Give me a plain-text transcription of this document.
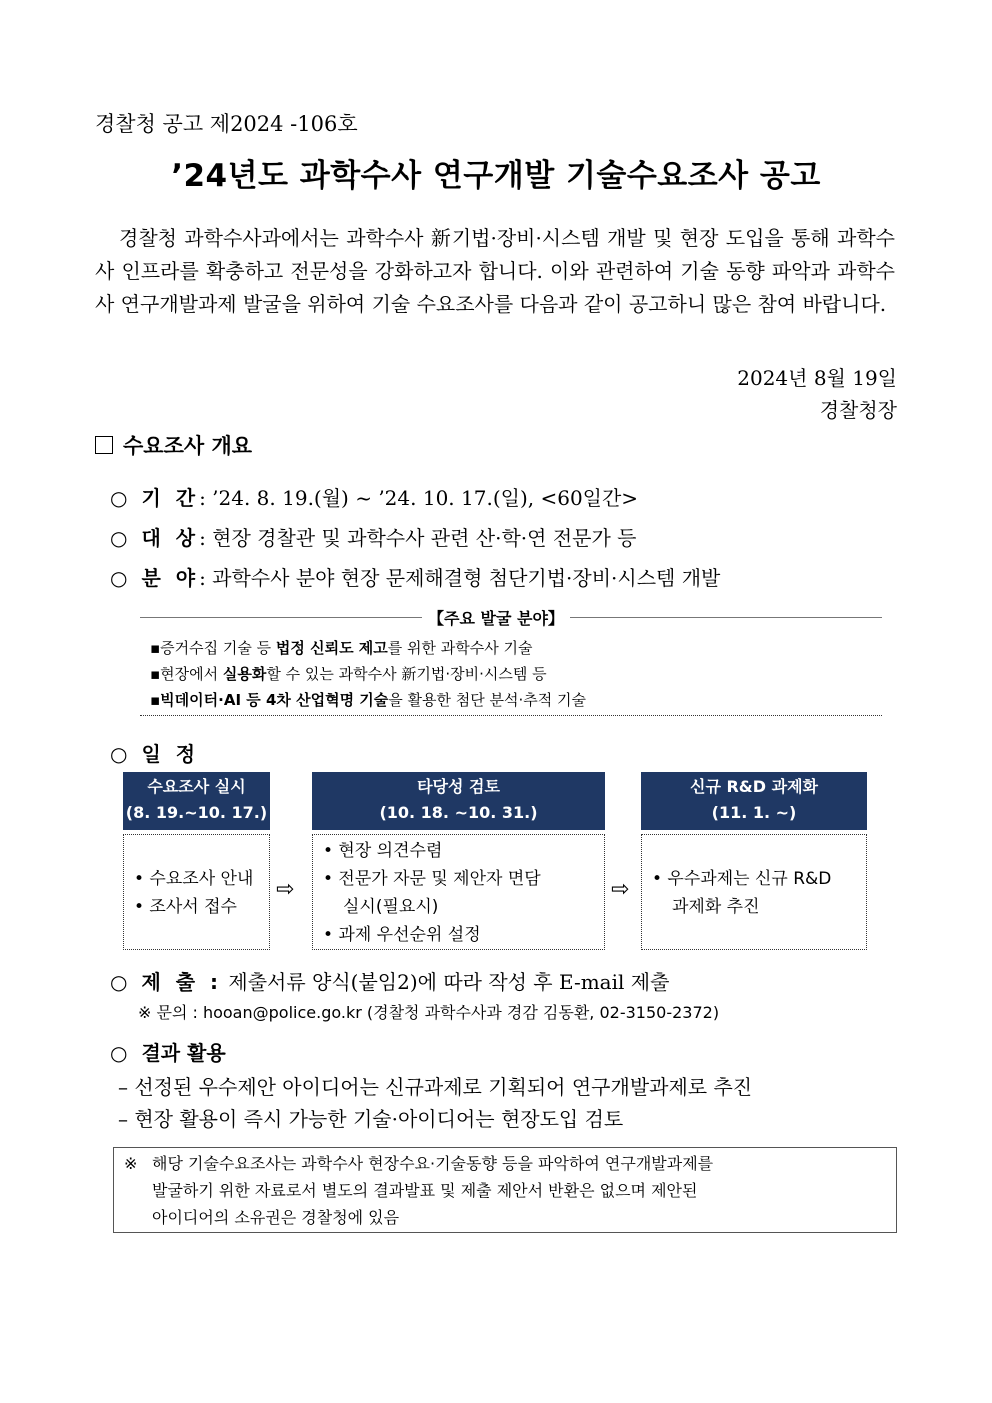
경찰청 공고 제2024 -106호
’24년도 과학수사 연구개발 기술수요조사 공고
경찰청 과학수사과에서는 과학수사 新기법·장비·시스템 개발 및 현장 도입을 통해 과학수사 인프라를 확충하고 전문성을 강화하고자 합니다. 이와 관련하여 기술 동향 파악과 과학수사 연구개발과제 발굴을 위하여 기술 수요조사를 다음과 같이 공고하니 많은 참여 바랍니다.
2024년 8월 19일
경찰청장
수요조사 개요
○ 기 간: ’24. 8. 19.(월) ~ ’24. 10. 17.(일), <60일간>
○ 대 상: 현장 경찰관 및 과학수사 관련 산·학·연 전문가 등
○ 분 야: 과학수사 분야 현장 문제해결형 첨단기법·장비·시스템 개발
【주요 발굴 분야】
▪증거수집 기술 등 법정 신뢰도 제고를 위한 과학수사 기술
▪현장에서 실용화할 수 있는 과학수사 新기법·장비·시스템 등
▪빅데이터·AI 등 4차 산업혁명 기술을 활용한 첨단 분석·추적 기술
○ 일 정
수요조사 실시
(8. 19.~10. 17.)
타당성 검토
(10. 18. ~10. 31.)
신규 R&D 과제화
(11. 1. ~)
• 수요조사 안내
• 조사서 접수
• 현장 의견수렴
• 전문가 자문 및 제안자 면담
실시(필요시)
• 과제 우선순위 설정
• 우수과제는 신규 R&D
과제화 추진
⇨	⇨
○ 제 출 : 제출서류 양식(붙임2)에 따라 작성 후 E-mail 제출
※ 문의 : hooan@police.go.kr (경찰청 과학수사과 경감 김동환, 02-3150-2372)
○ 결과 활용
– 선정된 우수제안 아이디어는 신규과제로 기획되어 연구개발과제로 추진
– 현장 활용이 즉시 가능한 기술·아이디어는 현장도입 검토
※ 해당 기술수요조사는 과학수사 현장수요·기술동향 등을 파악하여 연구개발과제를
발굴하기 위한 자료로서 별도의 결과발표 및 제출 제안서 반환은 없으며 제안된
아이디어의 소유권은 경찰청에 있음
